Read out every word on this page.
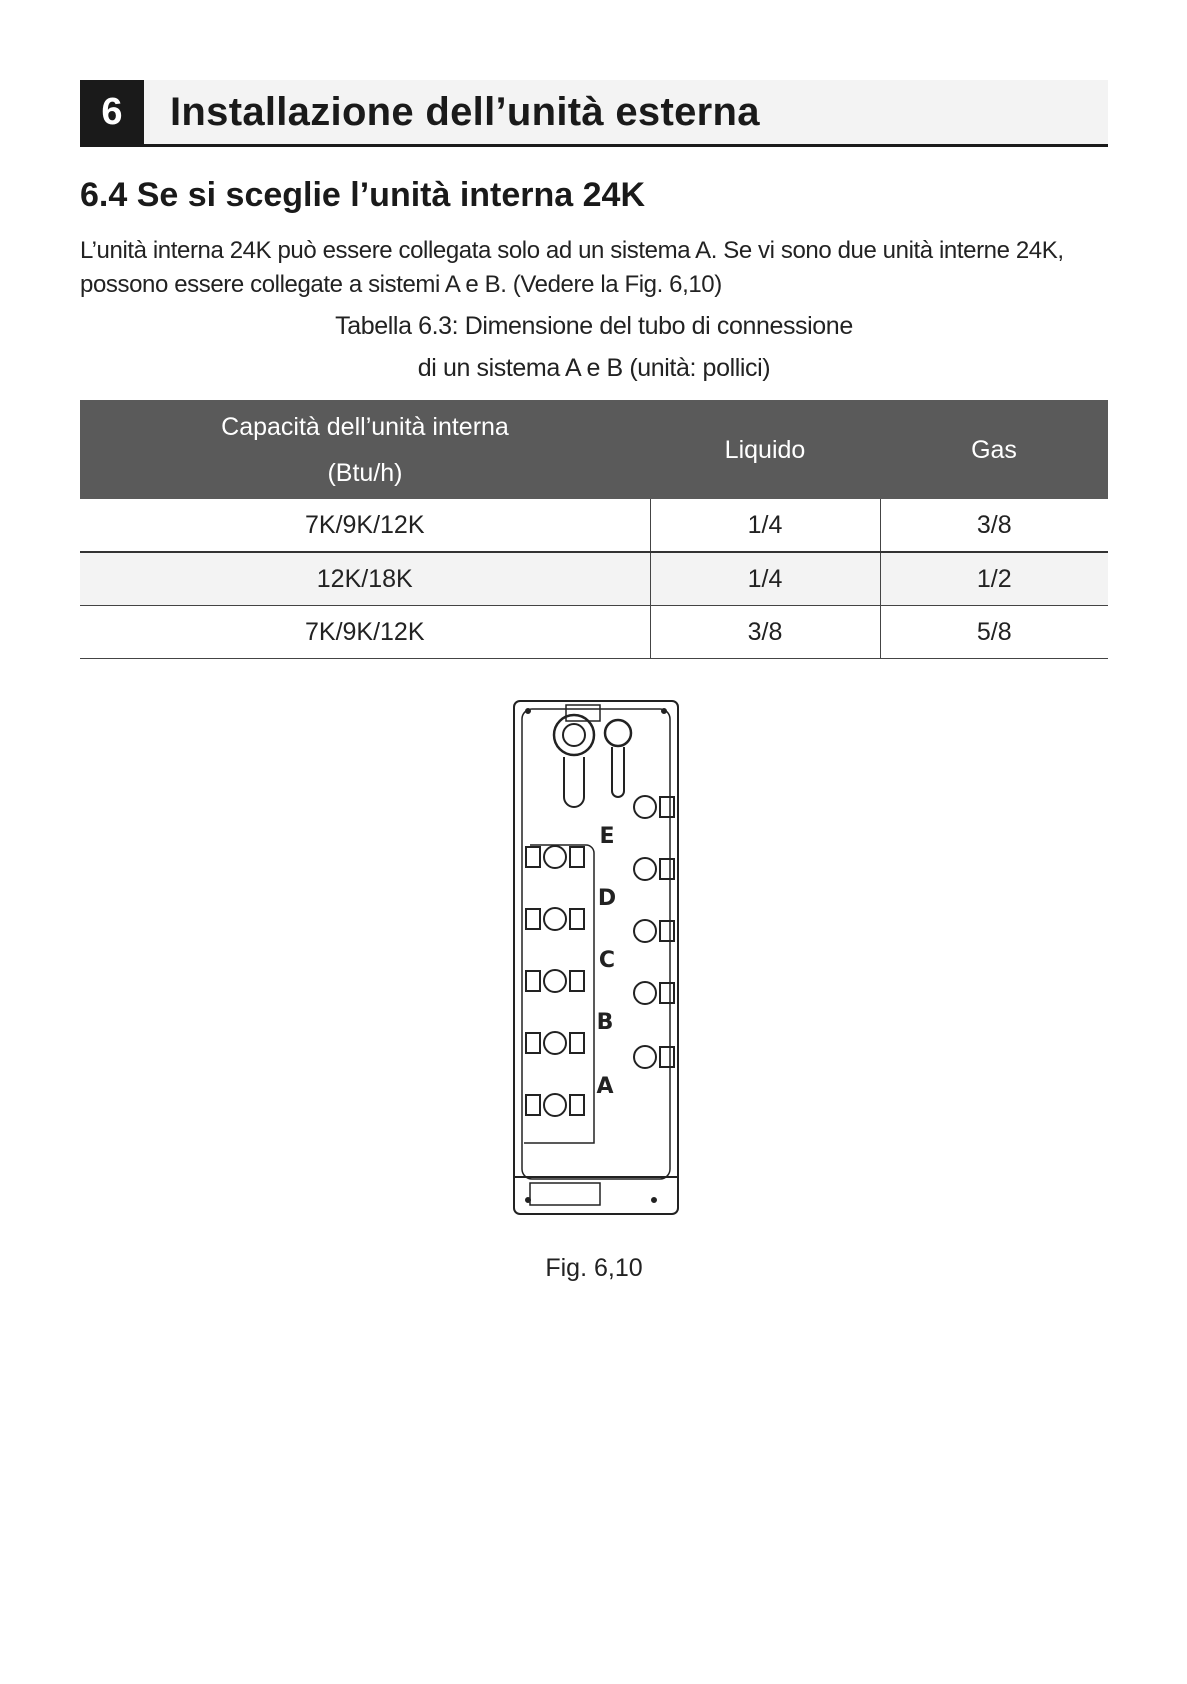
6	Installazione dell’unità esterna
6.4 Se si sceglie l’unità interna 24K
L’unità interna 24K può essere collegata solo ad un sistema A. Se vi sono due unità interne 24K,
possono essere collegate a sistemi A e B. (Vedere la Fig. 6,10)
Tabella 6.3: Dimensione del tubo di connessione
di un sistema A e B (unità: pollici)
Capacità dell’unità interna
(Btu/h)	Liquido	Gas
7K/9K/12K	1/4	3/8
12K/18K	1/4	1/2
7K/9K/12K	3/8	5/8
E
D
C
B
A
Fig. 6,10
